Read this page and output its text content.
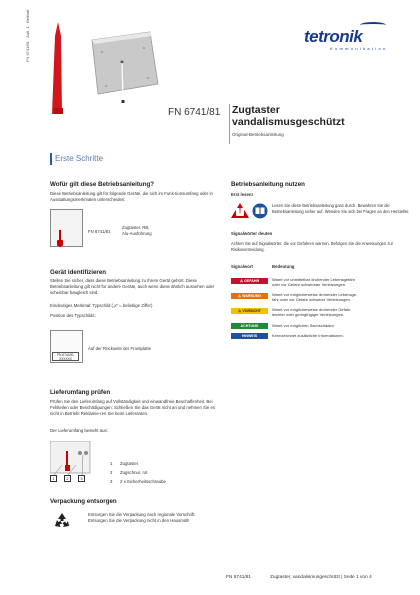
FN 6741/81 · Aufl. 1 · Beiblatt	tetronik
K o m m u n i k a t i o n
FN 6741/81 Zugtaster
vandalismusgeschützt
Original-Betriebsanleitung
Erste Schritte
Wofür gilt diese Betriebsanleitung?
Diese Betriebsanleitung gilt für folgende Geräte, die sich im Funk-tionsumfang oder in Ausstattungsmerkmalen unterscheiden:
FN 6741/81
Zugtaster, RB,
Alu-Ausführung
Gerät identifizieren
Stellen Sie sicher, dass diese Betriebsanleitung zu Ihrem Gerät gehört. Diese Betriebsanleitung gilt nicht für andere Geräte, auch wenn diese ähnlich aussehen oder scheinbar baugleich sind.
Eindeutiges Merkmal: Typschild („x“ = beliebige Ziffer)
Position des Typschilds:
FN 6741/81
XXXXXX
Auf der Rückseite der Frontplatte
Lieferumfang prüfen
Prüfen Sie den Lieferumfang auf Vollständigkeit und einwandfreie Beschaffenheit. Bei Fehlteilen oder Beschädigungen: Schließen Sie das Gerät nicht an und nehmen Sie es nicht in Betrieb! Reklamie-ren Sie beim Lieferanten.
Der Lieferumfang besteht aus:
1	2	3
1 Zugtaster
2 Zugschnur, rot
3 2 x Sicherheitsschraube
Verpackung entsorgen
Entsorgen Sie die Verpackung nach regionale Vorschrift. Entsorgen Sie die Verpackung nicht in den Hausmüll!
Betriebsanleitung nutzen
Erst lesen!
!
Lesen Sie diese Betriebsanleitung ganz durch. Bewahren Sie die Betriebsanleitung sicher auf. Wenden Sie sich bei Fragen an den Hersteller.
Signalwörter deuten
Achten Sie auf Signalwörter, die vor Gefahren warnen. Befolgen Sie die Anweisungen zur Risikovermeidung.
Signalwort	Bedeutung
⚠ GEFAHR	Warnt vor unmittelbar drohender Lebensgefahr
oder vor Gefahr schwerster Verletzungen.
⚠ WARNUNG	Warnt vor möglicherweise drohender Lebensge-
fahr oder vor Gefahr schwerer Verletzungen.
⚠ VORSICHT	Warnt vor möglicherweise drohender Gefahr
leichter oder geringfügiger Verletzungen.
ACHTUNG	Warnt vor möglichen Sachschäden.
HINWEIS	Kennzeichnet zusätzliche Informationen.
FN 6741/81	Zugtaster, vandalismusgeschützt | Seite 1 von 4
